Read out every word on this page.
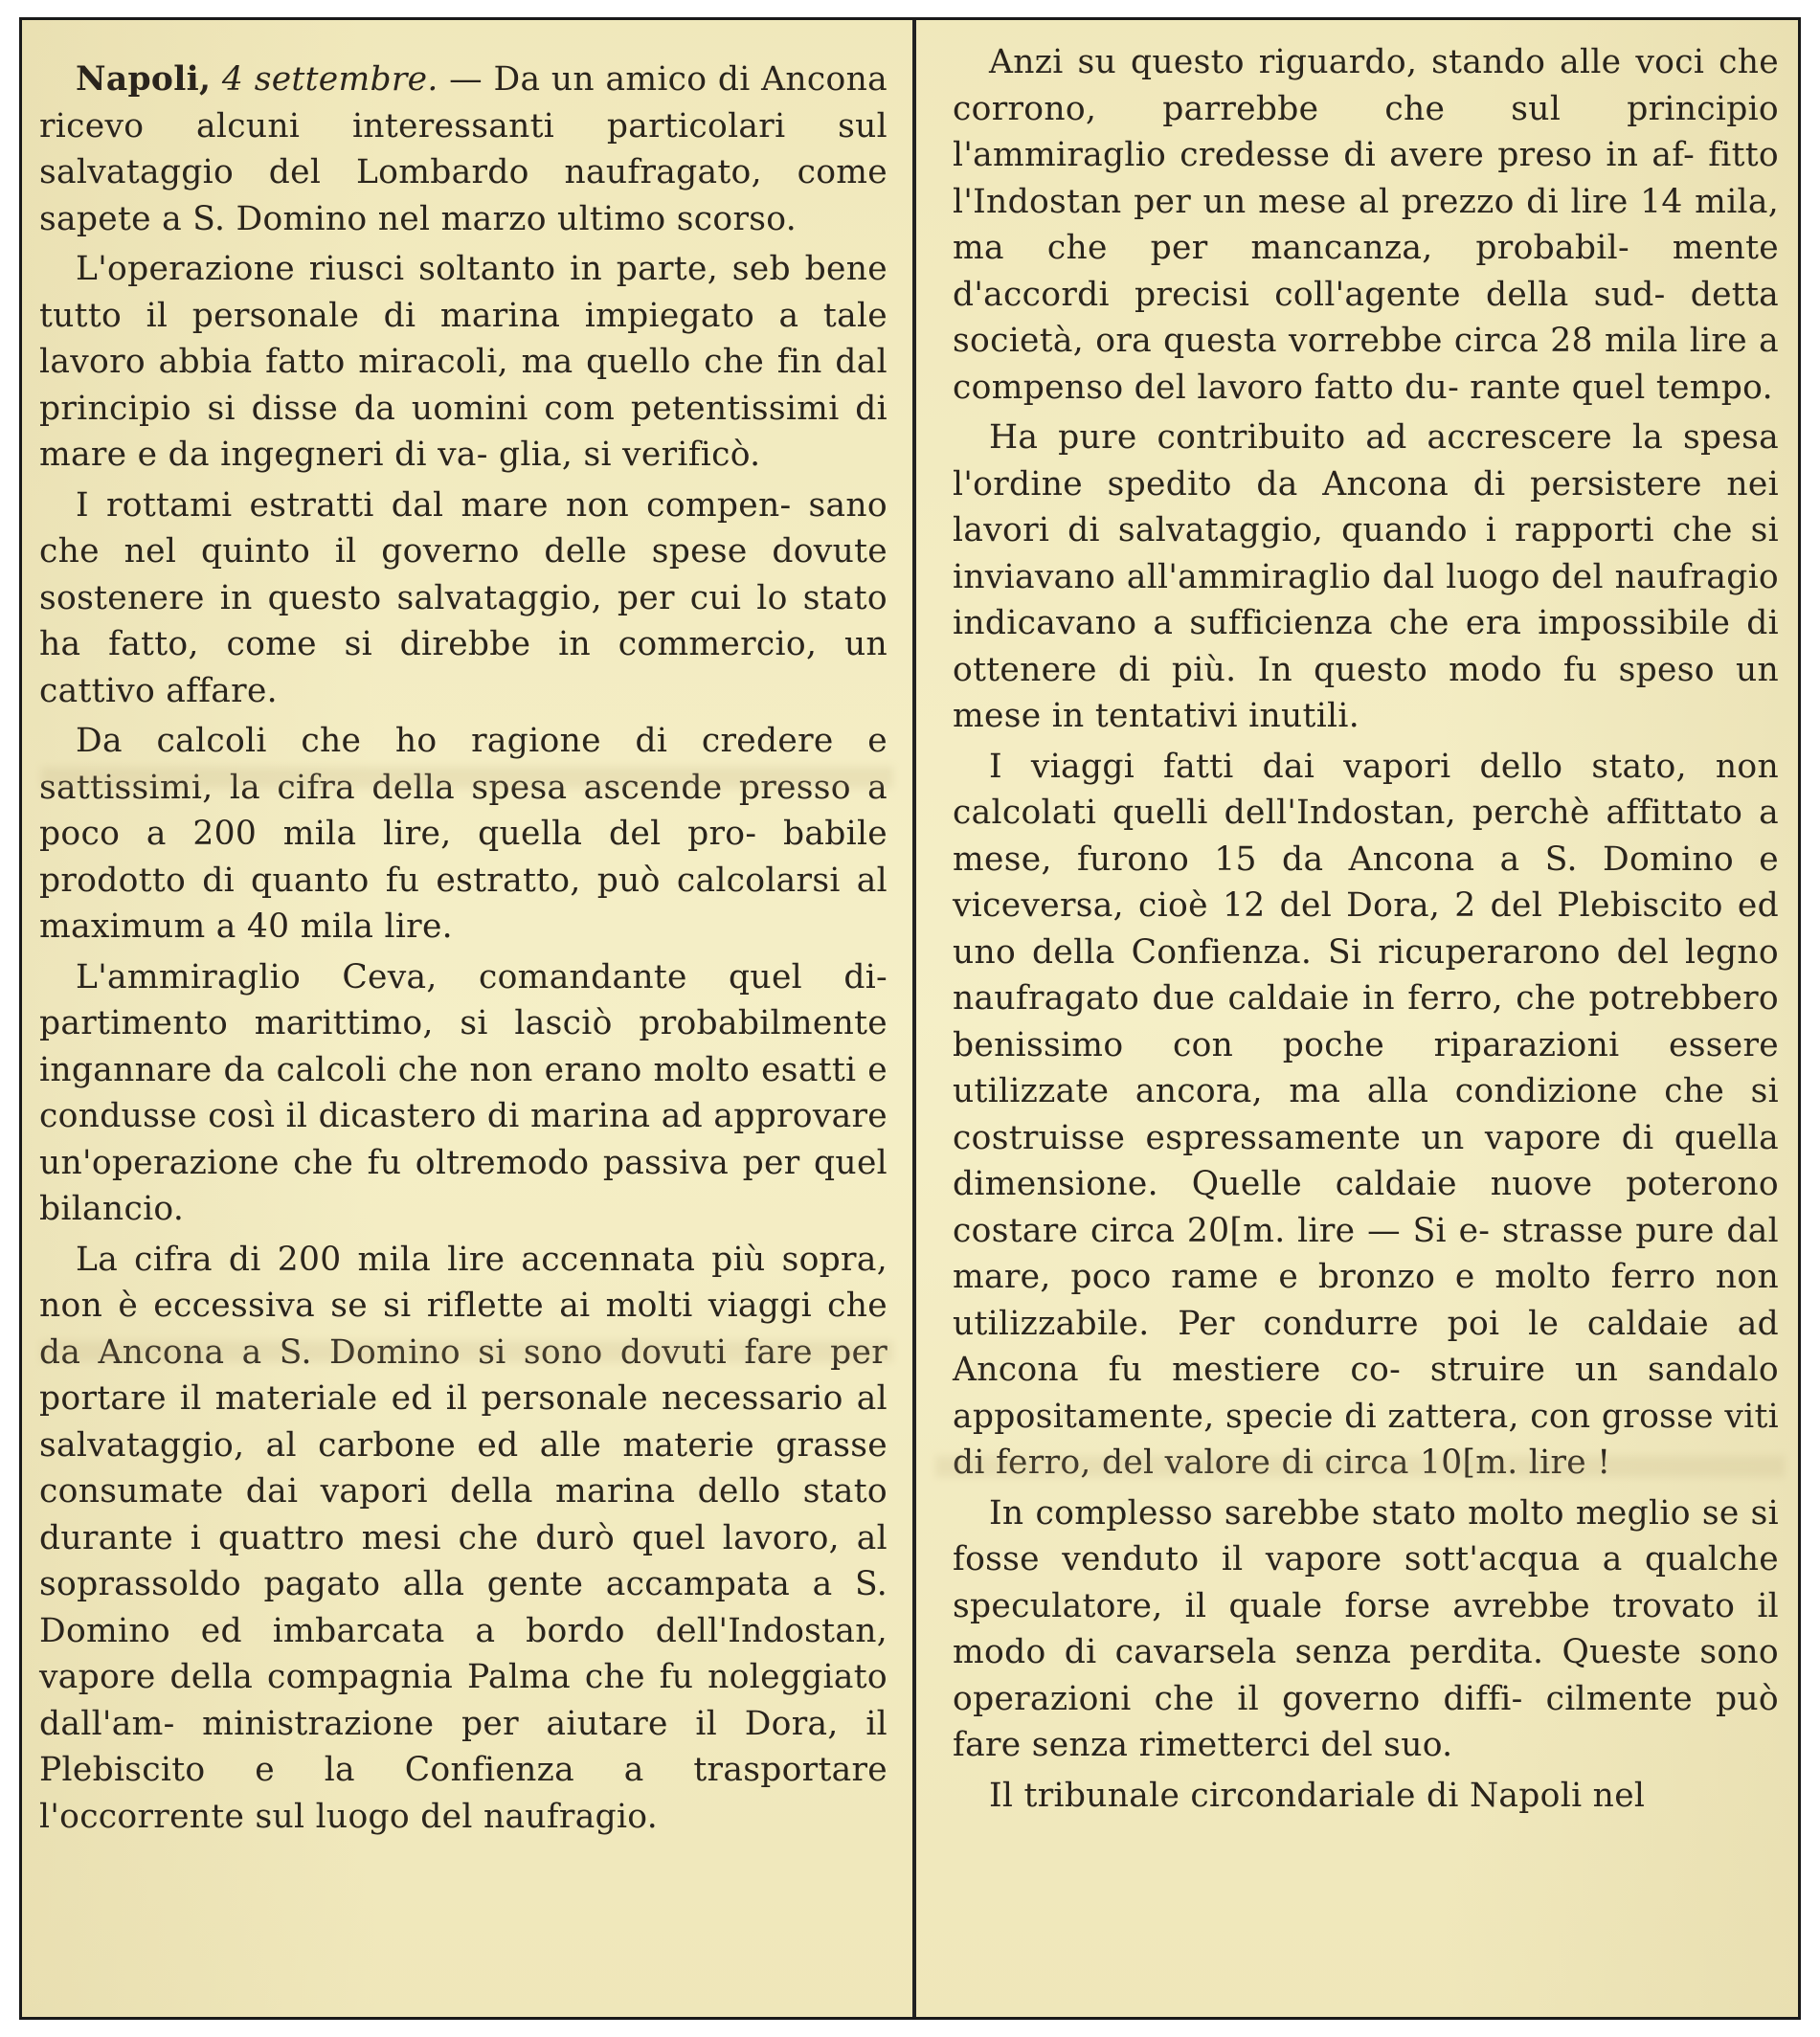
Napoli, 4 settembre. — Da un amico di Ancona ricevo alcuni interessanti particolari sul salvataggio del Lombardo naufragato, come sapete a S. Domino nel marzo ultimo scorso.

L'operazione riusci soltanto in parte, seb bene tutto il personale di marina impiegato a tale lavoro abbia fatto miracoli, ma quello che fin dal principio si disse da uomini com petentissimi di mare e da ingegneri di va- glia, si verificò.

I rottami estratti dal mare non compen- sano che nel quinto il governo delle spese dovute sostenere in questo salvataggio, per cui lo stato ha fatto, come si direbbe in commercio, un cattivo affare.

Da calcoli che ho ragione di credere e sattissimi, la cifra della spesa ascende presso a poco a 200 mila lire, quella del pro- babile prodotto di quanto fu estratto, può calcolarsi al maximum a 40 mila lire.

L'ammiraglio Ceva, comandante quel di- partimento marittimo, si lasciò probabilmente ingannare da calcoli che non erano molto esatti e condusse così il dicastero di marina ad approvare un'operazione che fu oltremodo passiva per quel bilancio.

La cifra di 200 mila lire accennata più sopra, non è eccessiva se si riflette ai molti viaggi che da Ancona a S. Domino si sono dovuti fare per portare il materiale ed il personale necessario al salvataggio, al carbone ed alle materie grasse consumate dai vapori della marina dello stato durante i quattro mesi che durò quel lavoro, al soprassoldo pagato alla gente accampata a S. Domino ed imbarcata a bordo dell'Indostan, vapore della compagnia Palma che fu noleggiato dall'am- ministrazione per aiutare il Dora, il Plebiscito e la Confienza a trasportare l'occorrente sul luogo del naufragio.

Anzi su questo riguardo, stando alle voci che corrono, parrebbe che sul principio l'ammiraglio credesse di avere preso in af- fitto l'Indostan per un mese al prezzo di lire 14 mila, ma che per mancanza, probabil- mente d'accordi precisi coll'agente della sud- detta società, ora questa vorrebbe circa 28 mila lire a compenso del lavoro fatto du- rante quel tempo.

Ha pure contribuito ad accrescere la spesa l'ordine spedito da Ancona di persistere nei lavori di salvataggio, quando i rapporti che si inviavano all'ammiraglio dal luogo del naufragio indicavano a sufficienza che era impossibile di ottenere di più. In questo modo fu speso un mese in tentativi inutili.

I viaggi fatti dai vapori dello stato, non calcolati quelli dell'Indostan, perchè affittato a mese, furono 15 da Ancona a S. Domino e viceversa, cioè 12 del Dora, 2 del Plebiscito ed uno della Confienza. Si ricuperarono del legno naufragato due caldaie in ferro, che potrebbero benissimo con poche riparazioni essere utilizzate ancora, ma alla condizione che si costruisse espressamente un vapore di quella dimensione. Quelle caldaie nuove poterono costare circa 20[m. lire — Si e- strasse pure dal mare, poco rame e bronzo e molto ferro non utilizzabile. Per condurre poi le caldaie ad Ancona fu mestiere co- struire un sandalo appositamente, specie di zattera, con grosse viti di ferro, del valore di circa 10[m. lire !

In complesso sarebbe stato molto meglio se si fosse venduto il vapore sott'acqua a qualche speculatore, il quale forse avrebbe trovato il modo di cavarsela senza perdita. Queste sono operazioni che il governo diffi- cilmente può fare senza rimetterci del suo.

Il tribunale circondariale di Napoli nel
